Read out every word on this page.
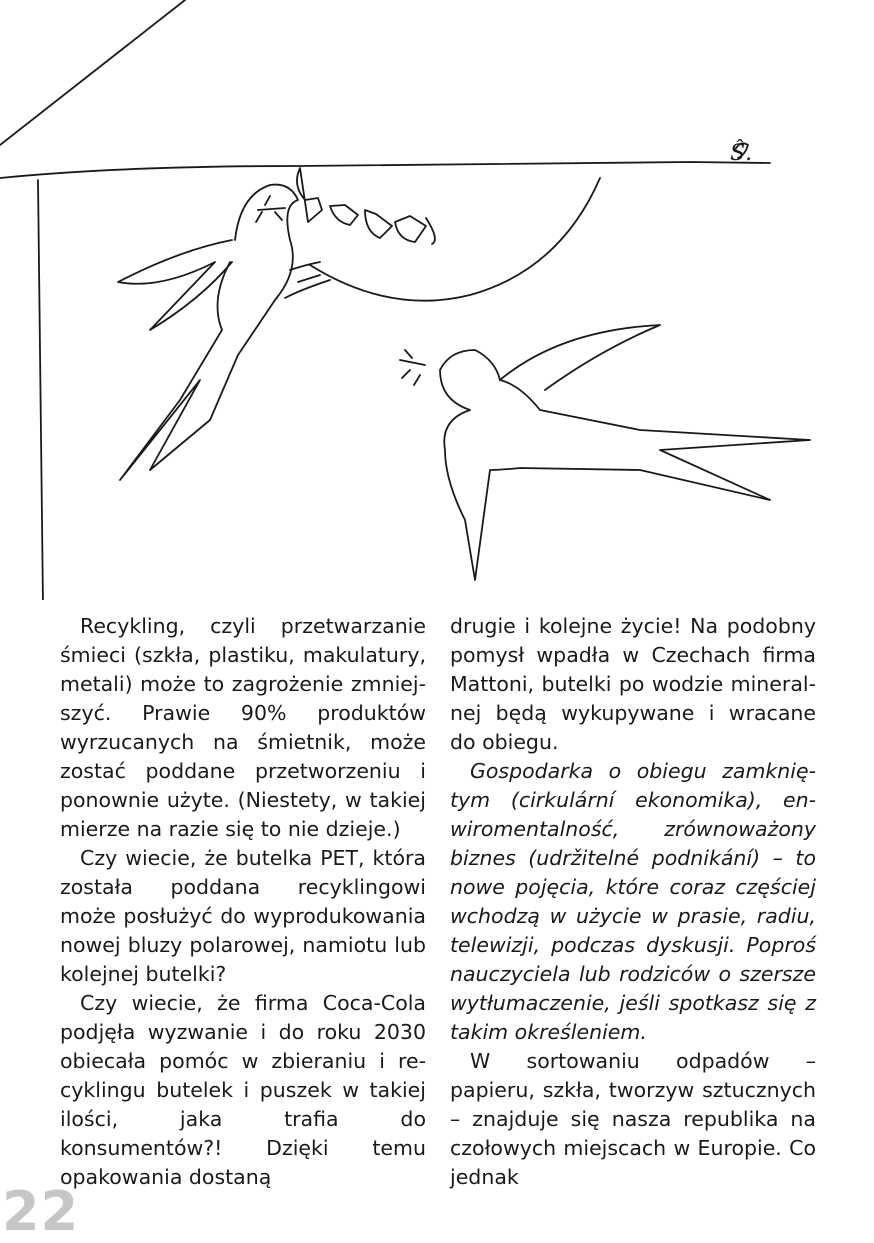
Ŝ.

Recykling, czyli przetwarzanie śmieci (szkła, plastiku, makulatury, metali) może to zagrożenie zmniejszyć. Prawie 90% produktów wyrzucanych na śmietnik, może zostać poddane przetworzeniu i ponownie użyte. (Niestety, w takiej mierze na razie się to nie dzieje.)

Czy wiecie, że butelka PET, która została poddana recyklingowi może posłużyć do wyprodukowania nowej bluzy polarowej, namiotu lub kolejnej butelki?

Czy wiecie, że firma Coca-Cola podjęła wyzwanie i do roku 2030 obiecała pomóc w zbieraniu i recyklingu butelek i puszek w takiej ilości, jaka trafia do konsumentów?! Dzięki temu opakowania dostaną

drugie i kolejne życie! Na podobny pomysł wpadła w Czechach firma Mattoni, butelki po wodzie mineralnej będą wykupywane i wracane do obiegu.

Gospodarka o obiegu zamkniętym (cirkulární ekonomika), enwiromentalność, zrównoważony biznes (udržitelné podnikání) – to nowe pojęcia, które coraz częściej wchodzą w użycie w prasie, radiu, telewizji, podczas dyskusji. Poproś nauczyciela lub rodziców o szersze wytłumaczenie, jeśli spotkasz się z takim określeniem.

W sortowaniu odpadów – papieru, szkła, tworzyw sztucznych – znajduje się nasza republika na czołowych miejscach w Europie. Co jednak

22
